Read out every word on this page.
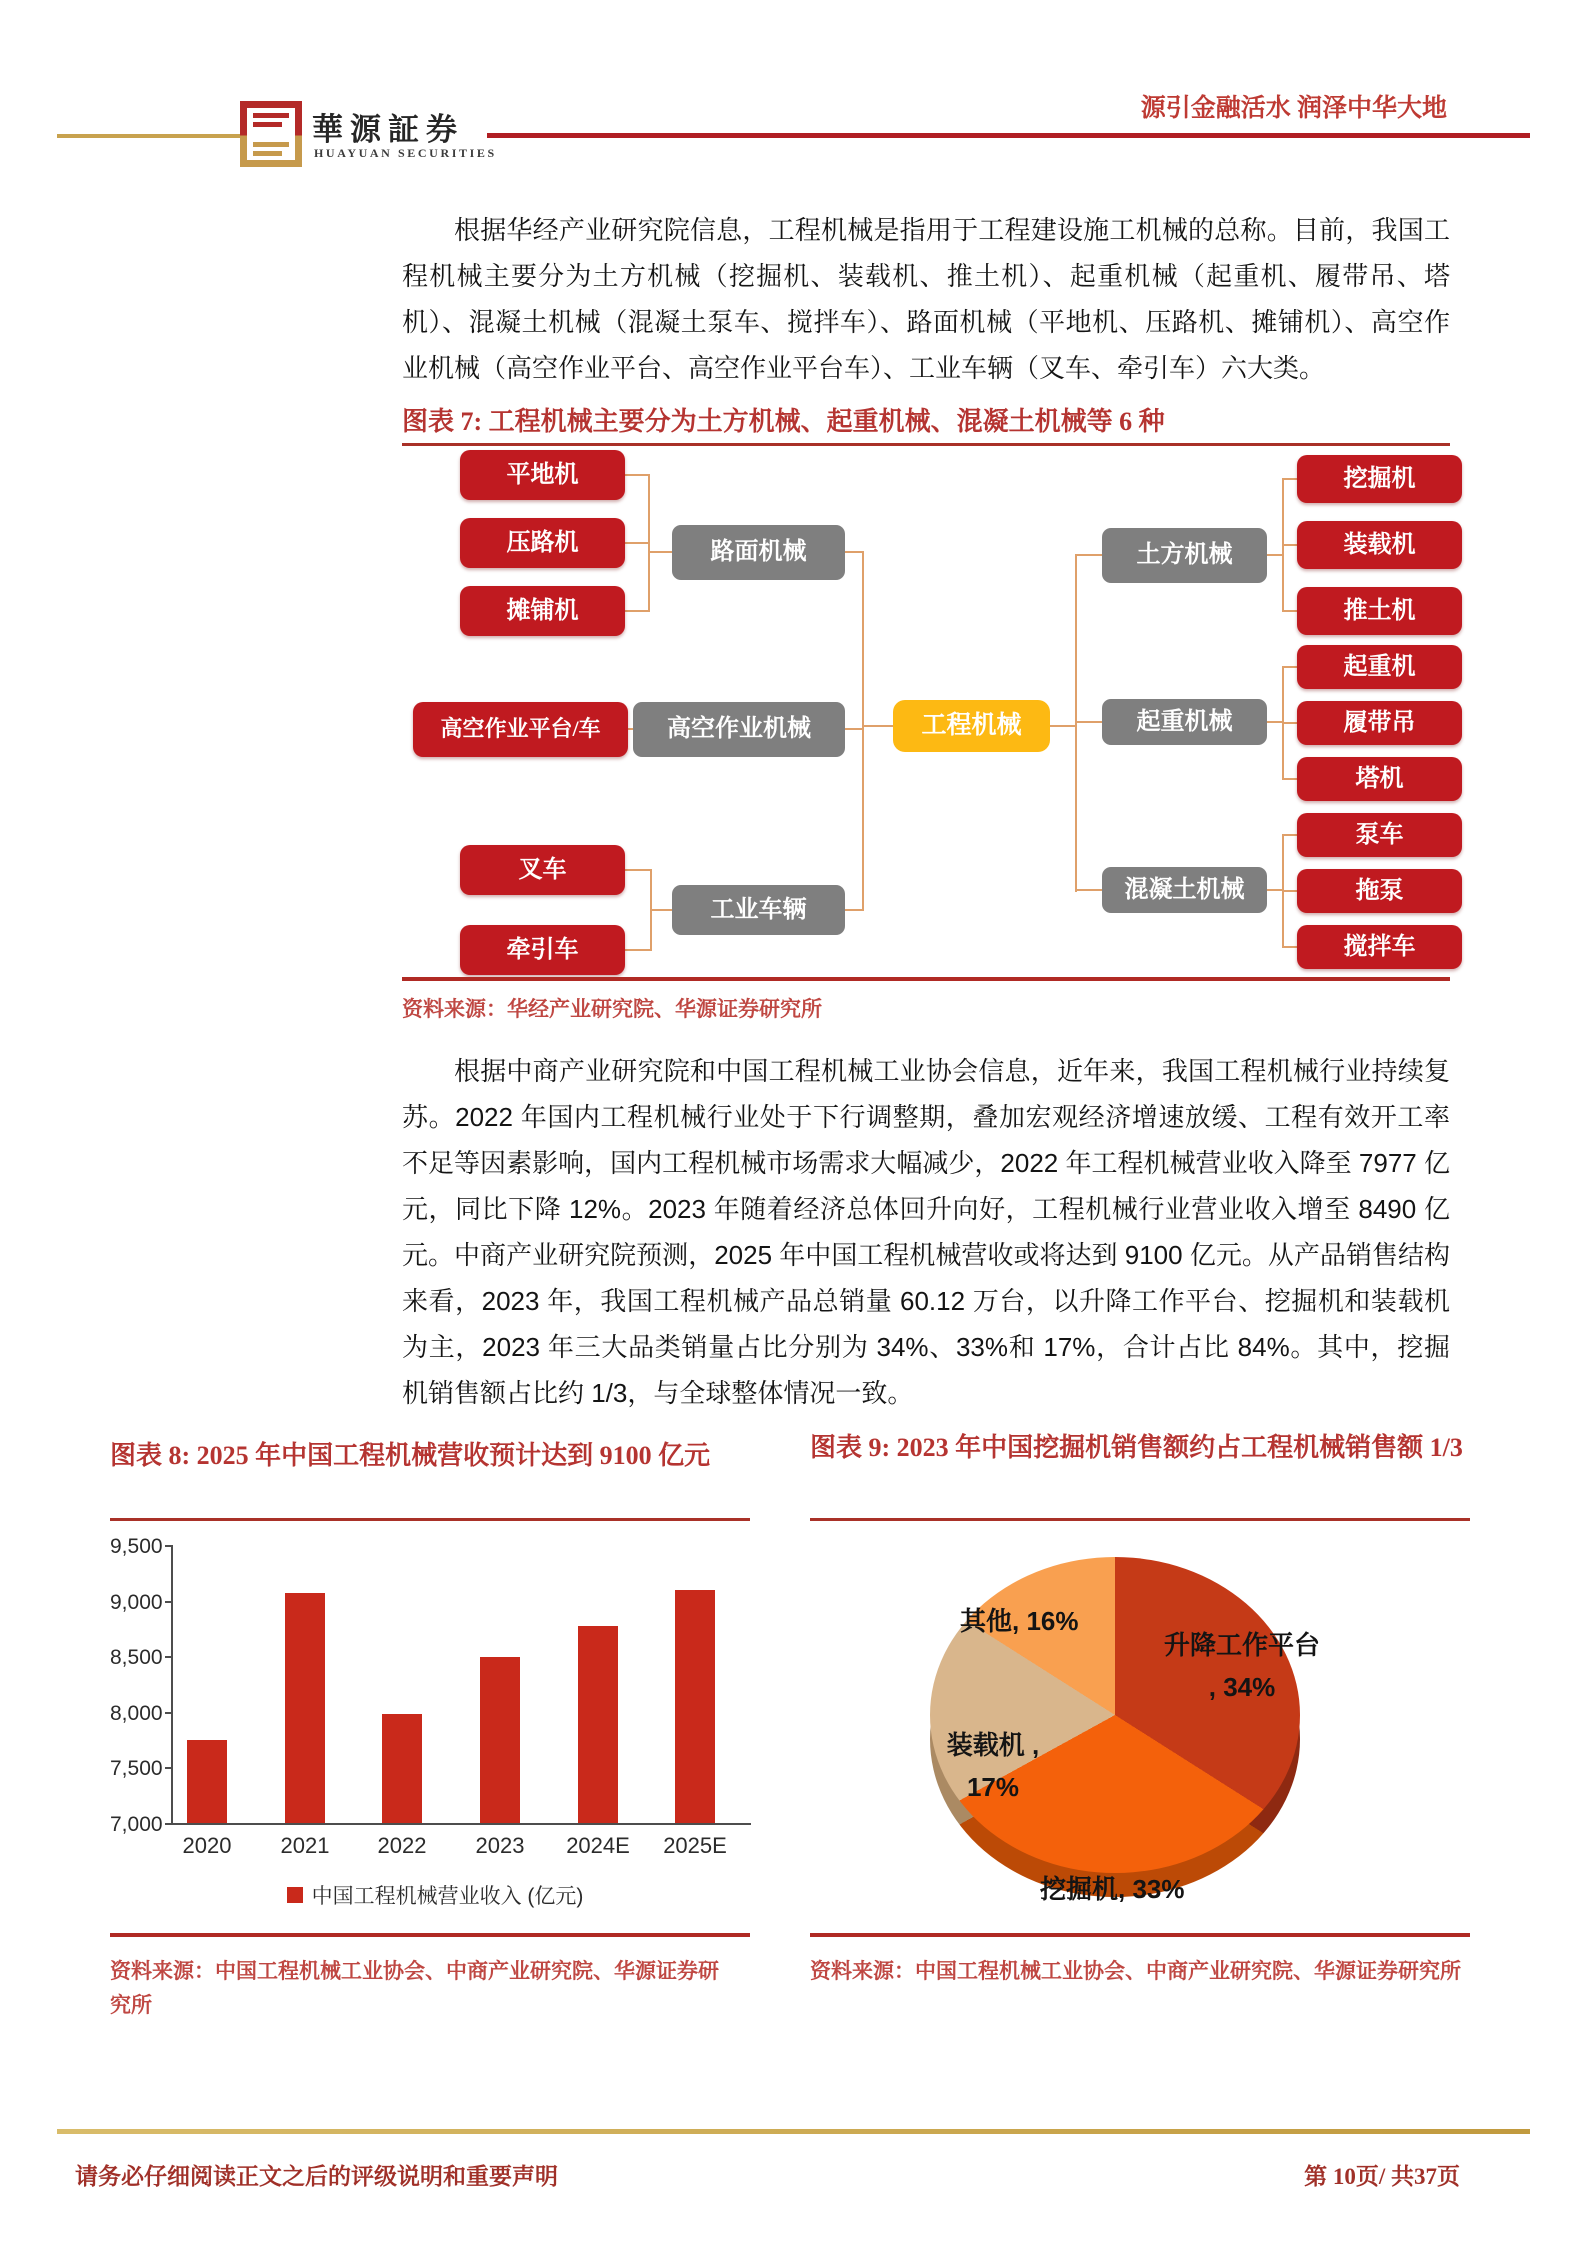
華源証券
HUAYUAN SECURITIES
源引金融活水 润泽中华大地
根据华经产业研究院信息，工程机械是指用于工程建设施工机械的总称。目前，我国工程机械主要分为土方机械（挖掘机、装载机、推土机）、起重机械（起重机、履带吊、塔机）、混凝土机械（混凝土泵车、搅拌车）、路面机械（平地机、压路机、摊铺机）、高空作业机械（高空作业平台、高空作业平台车）、工业车辆（叉车、牵引车）六大类。
图表 7: 工程机械主要分为土方机械、起重机械、混凝土机械等 6 种
平地机
压路机
摊铺机
路面机械
高空作业平台/车	高空作业机械	工程机械
叉车
牵引车
工业车辆
土方机械
挖掘机
装载机
推土机
起重机械
起重机
履带吊
塔机
混凝土机械
泵车
拖泵
搅拌车
资料来源：华经产业研究院、华源证券研究所
根据中商产业研究院和中国工程机械工业协会信息，近年来，我国工程机械行业持续复苏。2022 年国内工程机械行业处于下行调整期，叠加宏观经济增速放缓、工程有效开工率不足等因素影响，国内工程机械市场需求大幅减少，2022 年工程机械营业收入降至 7977 亿元，同比下降 12%。2023 年随着经济总体回升向好，工程机械行业营业收入增至 8490 亿元。中商产业研究院预测，2025 年中国工程机械营收或将达到 9100 亿元。从产品销售结构来看，2023 年，我国工程机械产品总销量 60.12 万台，以升降工作平台、挖掘机和装载机为主，2023 年三大品类销量占比分别为 34%、33%和 17%，合计占比 84%。其中，挖掘机销售额占比约 1/3，与全球整体情况一致。
图表 8: 2025 年中国工程机械营收预计达到 9100 亿元	图表 9: 2023 年中国挖掘机销售额约占工程机械销售额 1/3
9,500
9,000
8,500
8,000
7,500
7,000
2020	2021	2022	2023	2024E	2025E
中国工程机械营业收入 (亿元)
资料来源：中国工程机械工业协会、中商产业研究院、华源证券研究所
其他, 16%
升降工作平台 , 34%
装载机 , 17%
挖掘机, 33%
资料来源：中国工程机械工业协会、中商产业研究院、华源证券研究所
请务必仔细阅读正文之后的评级说明和重要声明	第 10页/ 共37页
